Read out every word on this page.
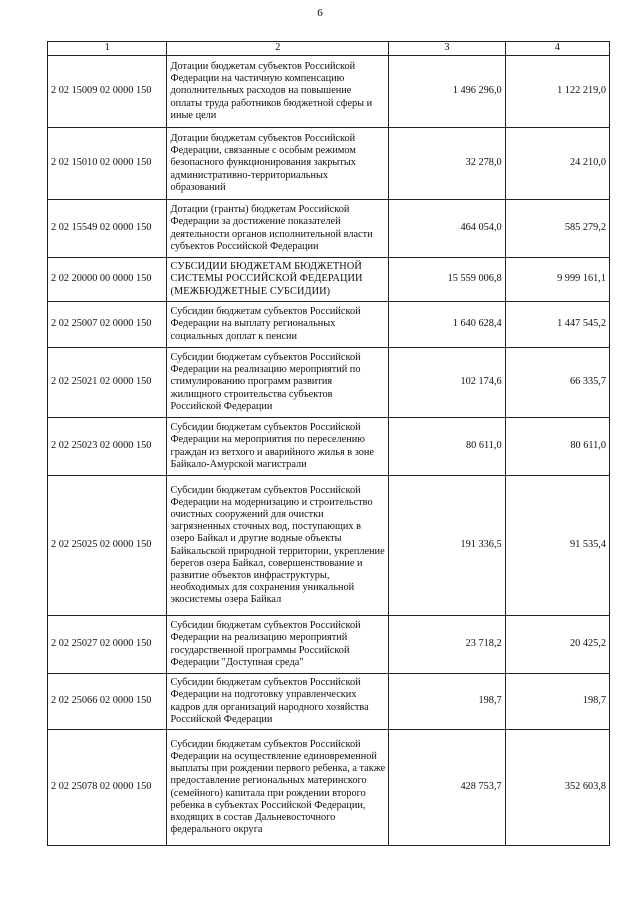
6
1	2	3	4
2 02 15009 02 0000 150	Дотации бюджетам субъектов Российской Федерации на частичную компенсацию дополнительных расходов на повышение оплаты труда работников бюджетной сферы и иные цели	1 496 296,0	1 122 219,0
2 02 15010 02 0000 150	Дотации бюджетам субъектов Российской Федерации, связанные с особым режимом безопасного функционирования закрытых административно-территориальных образований	32 278,0	24 210,0
2 02 15549 02 0000 150	Дотации (гранты) бюджетам Российской Федерации за достижение показателей деятельности органов исполнительной власти субъектов Российской Федерации	464 054,0	585 279,2
2 02 20000 00 0000 150	СУБСИДИИ БЮДЖЕТАМ БЮДЖЕТНОЙ СИСТЕМЫ РОССИЙСКОЙ ФЕДЕРАЦИИ (МЕЖБЮДЖЕТНЫЕ СУБСИДИИ)	15 559 006,8	9 999 161,1
2 02 25007 02 0000 150	Субсидии бюджетам субъектов Российской Федерации на выплату региональных социальных доплат к пенсии	1 640 628,4	1 447 545,2
2 02 25021 02 0000 150	Субсидии бюджетам субъектов Российской Федерации на реализацию мероприятий по стимулированию программ развития жилищного строительства субъектов Российской Федерации	102 174,6	66 335,7
2 02 25023 02 0000 150	Субсидии бюджетам субъектов Российской Федерации на мероприятия по переселению граждан из ветхого и аварийного жилья в зоне Байкало-Амурской магистрали	80 611,0	80 611,0
2 02 25025 02 0000 150	Субсидии бюджетам субъектов Российской Федерации на модернизацию и строительство очистных сооружений для очистки загрязненных сточных вод, поступающих в озеро Байкал и другие водные объекты Байкальской природной территории, укрепление берегов озера Байкал, совершенствование и развитие объектов инфраструктуры, необходимых для сохранения уникальной экосистемы озера Байкал	191 336,5	91 535,4
2 02 25027 02 0000 150	Субсидии бюджетам субъектов Российской Федерации на реализацию мероприятий государственной программы Российской Федерации "Доступная среда"	23 718,2	20 425,2
2 02 25066 02 0000 150	Субсидии бюджетам субъектов Российской Федерации на подготовку управленческих кадров для организаций народного хозяйства Российской Федерации	198,7	198,7
2 02 25078 02 0000 150	Субсидии бюджетам субъектов Российской Федерации на осуществление единовременной выплаты при рождении первого ребенка, а также предоставление региональных материнского (семейного) капитала при рождении второго ребенка в субъектах Российской Федерации, входящих в состав Дальневосточного федерального округа	428 753,7	352 603,8
